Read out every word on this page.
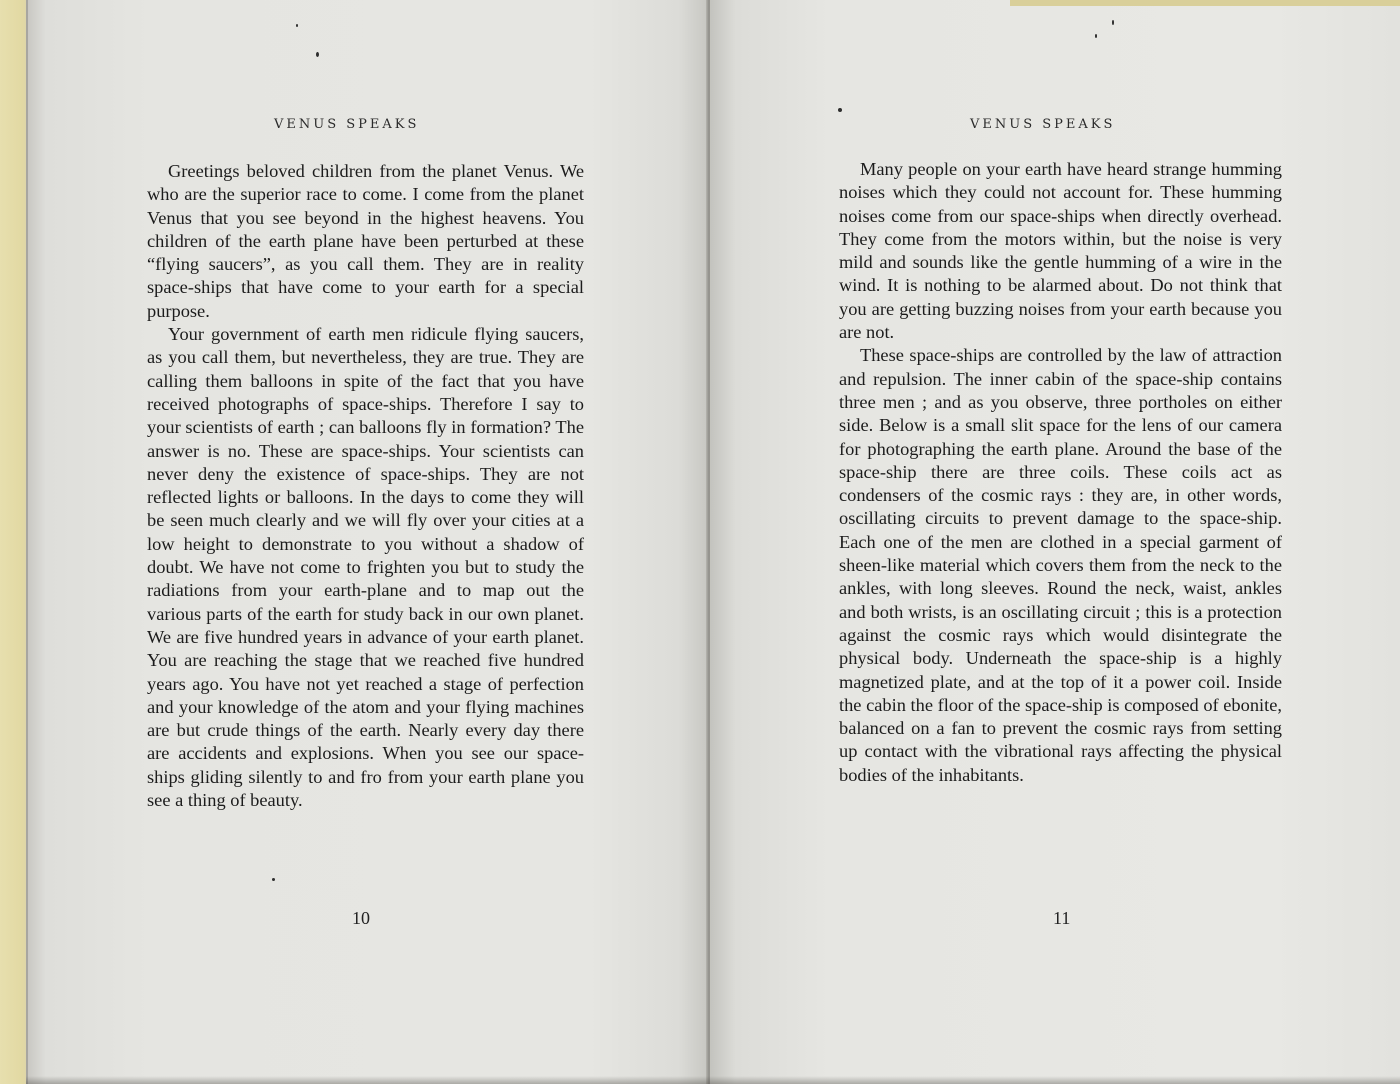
VENUS SPEAKS

Greetings beloved children from the planet Venus. We who are the superior race to come. I come from the planet Venus that you see beyond in the highest heavens. You children of the earth plane have been perturbed at these “flying saucers”, as you call them. They are in reality space-ships that have come to your earth for a special purpose.

Your government of earth men ridicule flying saucers, as you call them, but nevertheless, they are true. They are calling them balloons in spite of the fact that you have received photographs of space-ships. Therefore I say to your scientists of earth ; can balloons fly in formation? The answer is no. These are space-ships. Your scientists can never deny the existence of space-ships. They are not reflected lights or balloons. In the days to come they will be seen much clearly and we will fly over your cities at a low height to demonstrate to you without a shadow of doubt. We have not come to frighten you but to study the radiations from your earth-plane and to map out the various parts of the earth for study back in our own planet. We are five hundred years in advance of your earth planet. You are reaching the stage that we reached five hundred years ago. You have not yet reached a stage of perfection and your knowledge of the atom and your flying machines are but crude things of the earth. Nearly every day there are accidents and explosions. When you see our space-ships gliding silently to and fro from your earth plane you see a thing of beauty.

10
VENUS SPEAKS

Many people on your earth have heard strange humming noises which they could not account for. These humming noises come from our space-ships when directly overhead. They come from the motors within, but the noise is very mild and sounds like the gentle humming of a wire in the wind. It is nothing to be alarmed about. Do not think that you are getting buzzing noises from your earth because you are not.

These space-ships are controlled by the law of attraction and repulsion. The inner cabin of the space-ship contains three men ; and as you observe, three portholes on either side. Below is a small slit space for the lens of our camera for photographing the earth plane. Around the base of the space-ship there are three coils. These coils act as condensers of the cosmic rays : they are, in other words, oscillating circuits to prevent damage to the space-ship. Each one of the men are clothed in a special garment of sheen-like material which covers them from the neck to the ankles, with long sleeves. Round the neck, waist, ankles and both wrists, is an oscillating circuit ; this is a protection against the cosmic rays which would disintegrate the physical body. Underneath the space-ship is a highly magnetized plate, and at the top of it a power coil. Inside the cabin the floor of the space-ship is composed of ebonite, balanced on a fan to prevent the cosmic rays from setting up contact with the vibrational rays affecting the physical bodies of the inhabitants.

11
